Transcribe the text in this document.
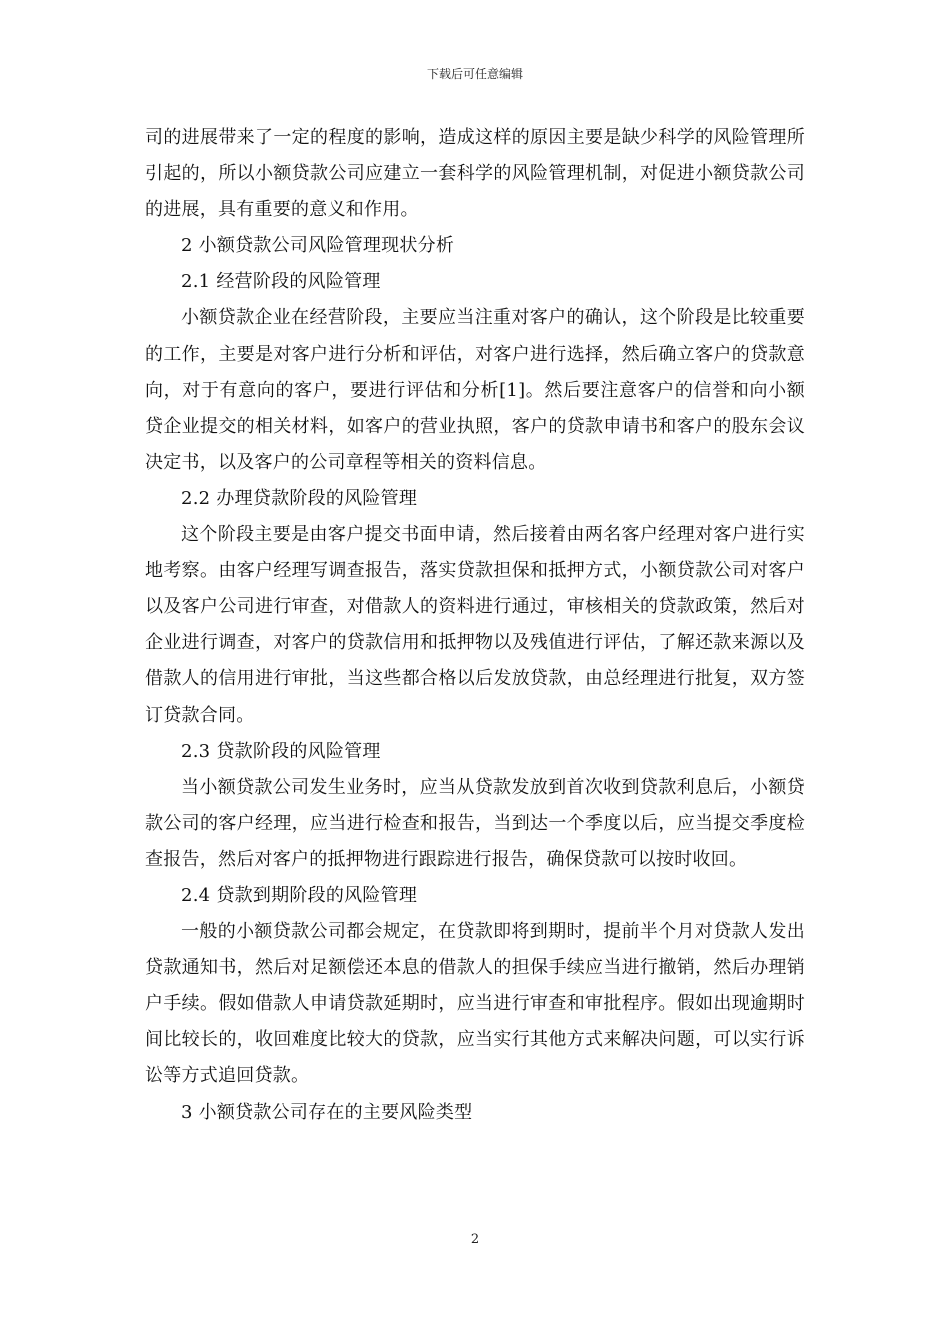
下载后可任意编辑

司的进展带来了一定的程度的影响，造成这样的原因主要是缺少科学的风险管理所引起的，所以小额贷款公司应建立一套科学的风险管理机制，对促进小额贷款公司的进展，具有重要的意义和作用。

2 小额贷款公司风险管理现状分析

2.1 经营阶段的风险管理

小额贷款企业在经营阶段，主要应当注重对客户的确认，这个阶段是比较重要的工作，主要是对客户进行分析和评估，对客户进行选择，然后确立客户的贷款意向，对于有意向的客户，要进行评估和分析[1]。然后要注意客户的信誉和向小额贷企业提交的相关材料，如客户的营业执照，客户的贷款申请书和客户的股东会议决定书，以及客户的公司章程等相关的资料信息。

2.2 办理贷款阶段的风险管理

这个阶段主要是由客户提交书面申请，然后接着由两名客户经理对客户进行实地考察。由客户经理写调查报告，落实贷款担保和抵押方式，小额贷款公司对客户以及客户公司进行审查，对借款人的资料进行通过，审核相关的贷款政策，然后对企业进行调查，对客户的贷款信用和抵押物以及残值进行评估，了解还款来源以及借款人的信用进行审批，当这些都合格以后发放贷款，由总经理进行批复，双方签订贷款合同。

2.3 贷款阶段的风险管理

当小额贷款公司发生业务时，应当从贷款发放到首次收到贷款利息后，小额贷款公司的客户经理，应当进行检查和报告，当到达一个季度以后，应当提交季度检查报告，然后对客户的抵押物进行跟踪进行报告，确保贷款可以按时收回。

2.4 贷款到期阶段的风险管理

一般的小额贷款公司都会规定，在贷款即将到期时，提前半个月对贷款人发出贷款通知书，然后对足额偿还本息的借款人的担保手续应当进行撤销，然后办理销户手续。假如借款人申请贷款延期时，应当进行审查和审批程序。假如出现逾期时间比较长的，收回难度比较大的贷款，应当实行其他方式来解决问题，可以实行诉讼等方式追回贷款。

3 小额贷款公司存在的主要风险类型

2
